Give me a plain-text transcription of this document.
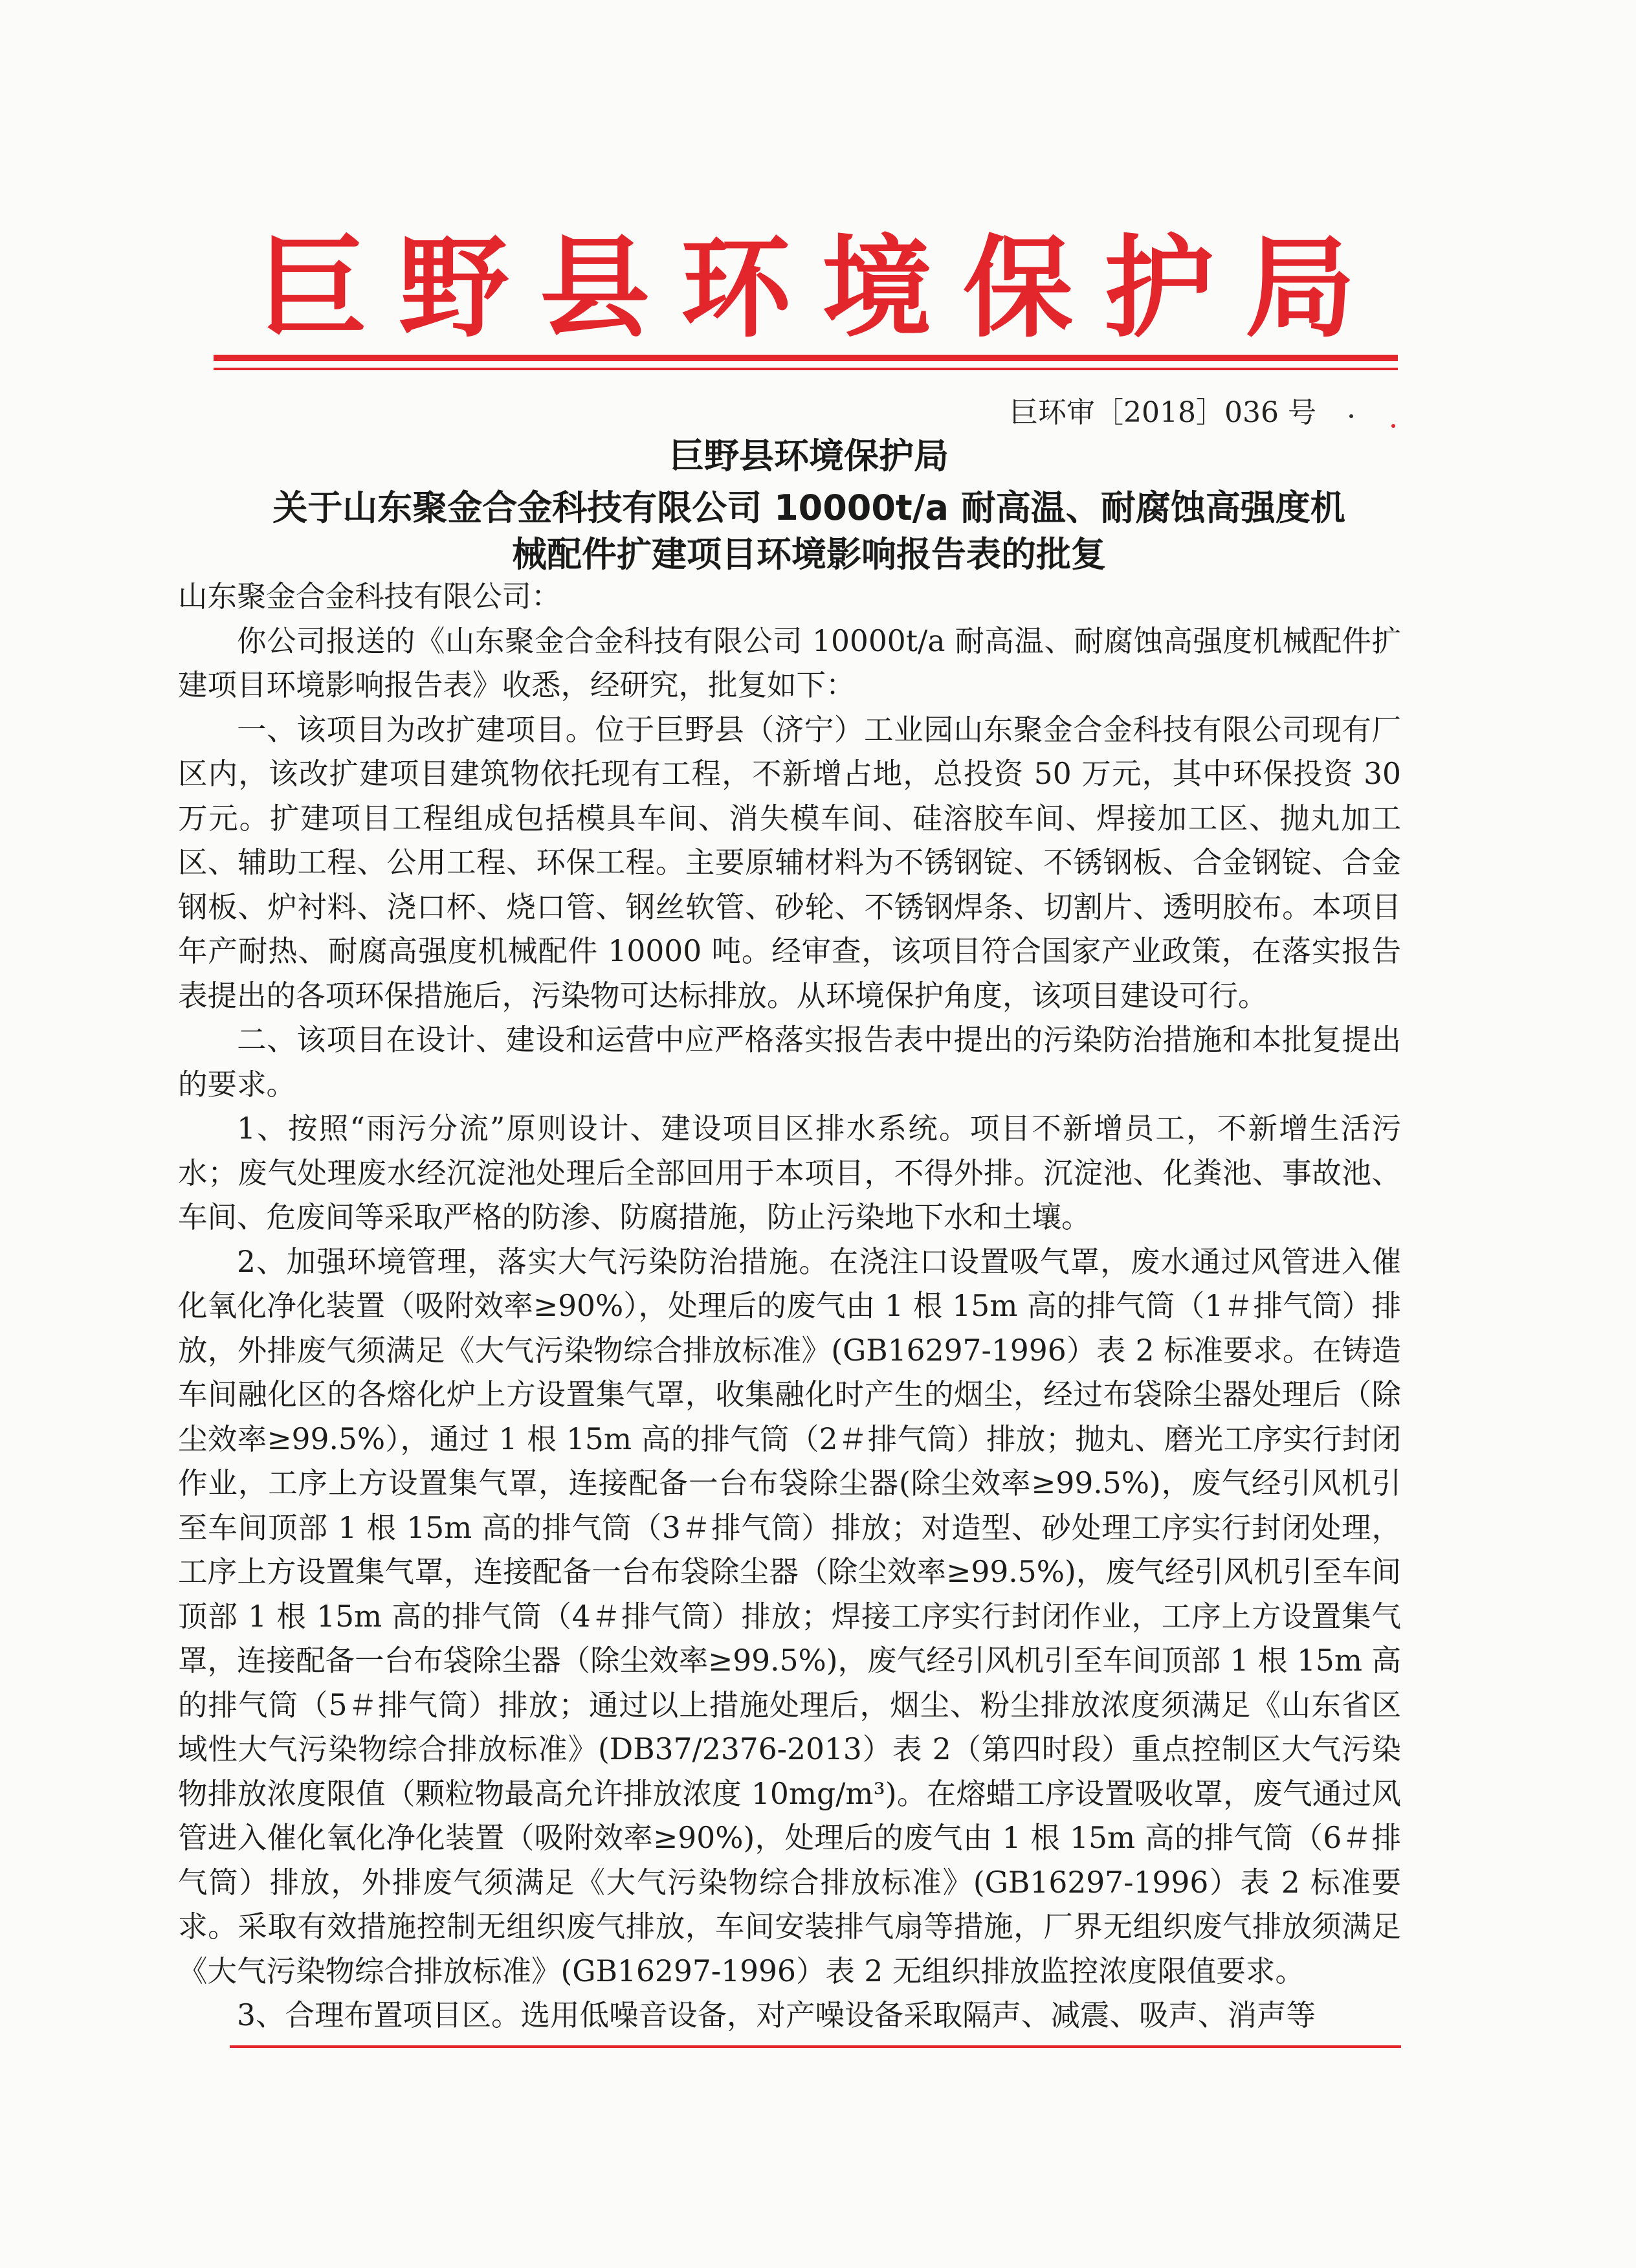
巨野县环境保护局
巨环审［2018］036 号
巨野县环境保护局
关于山东聚金合金科技有限公司 10000t/a 耐高温、耐腐蚀高强度机
械配件扩建项目环境影响报告表的批复

山东聚金合金科技有限公司：

你公司报送的《山东聚金合金科技有限公司 10000t/a 耐高温、耐腐蚀高强度机械配件扩建项目环境影响报告表》收悉，经研究，批复如下：

一、该项目为改扩建项目。位于巨野县（济宁）工业园山东聚金合金科技有限公司现有厂区内，该改扩建项目建筑物依托现有工程，不新增占地，总投资 50 万元，其中环保投资 30 万元。扩建项目工程组成包括模具车间、消失模车间、硅溶胶车间、焊接加工区、抛丸加工区、辅助工程、公用工程、环保工程。主要原辅材料为不锈钢锭、不锈钢板、合金钢锭、合金钢板、炉衬料、浇口杯、烧口管、钢丝软管、砂轮、不锈钢焊条、切割片、透明胶布。本项目年产耐热、耐腐高强度机械配件 10000 吨。经审查，该项目符合国家产业政策，在落实报告表提出的各项环保措施后，污染物可达标排放。从环境保护角度，该项目建设可行。

二、该项目在设计、建设和运营中应严格落实报告表中提出的污染防治措施和本批复提出的要求。

1、按照“雨污分流”原则设计、建设项目区排水系统。项目不新增员工，不新增生活污水；废气处理废水经沉淀池处理后全部回用于本项目，不得外排。沉淀池、化粪池、事故池、车间、危废间等采取严格的防渗、防腐措施，防止污染地下水和土壤。

2、加强环境管理，落实大气污染防治措施。在浇注口设置吸气罩，废水通过风管进入催化氧化净化装置（吸附效率≥90%），处理后的废气由 1 根 15m 高的排气筒（1＃排气筒）排放，外排废气须满足《大气污染物综合排放标准》(GB16297-1996）表 2 标准要求。在铸造车间融化区的各熔化炉上方设置集气罩，收集融化时产生的烟尘，经过布袋除尘器处理后（除尘效率≥99.5%），通过 1 根 15m 高的排气筒（2＃排气筒）排放；抛丸、磨光工序实行封闭作业，工序上方设置集气罩，连接配备一台布袋除尘器(除尘效率≥99.5%)，废气经引风机引至车间顶部 1 根 15m 高的排气筒（3＃排气筒）排放；对造型、砂处理工序实行封闭处理，工序上方设置集气罩，连接配备一台布袋除尘器（除尘效率≥99.5%)，废气经引风机引至车间顶部 1 根 15m 高的排气筒（4＃排气筒）排放；焊接工序实行封闭作业，工序上方设置集气罩，连接配备一台布袋除尘器（除尘效率≥99.5%)，废气经引风机引至车间顶部 1 根 15m 高的排气筒（5＃排气筒）排放；通过以上措施处理后，烟尘、粉尘排放浓度须满足《山东省区域性大气污染物综合排放标准》(DB37/2376-2013）表 2（第四时段）重点控制区大气污染物排放浓度限值（颗粒物最高允许排放浓度 10mg/m³)。在熔蜡工序设置吸收罩，废气通过风管进入催化氧化净化装置（吸附效率≥90%)，处理后的废气由 1 根 15m 高的排气筒（6＃排气筒）排放，外排废气须满足《大气污染物综合排放标准》(GB16297-1996）表 2 标准要求。采取有效措施控制无组织废气排放，车间安装排气扇等措施，厂界无组织废气排放须满足《大气污染物综合排放标准》(GB16297-1996）表 2 无组织排放监控浓度限值要求。

3、合理布置项目区。选用低噪音设备，对产噪设备采取隔声、减震、吸声、消声等
